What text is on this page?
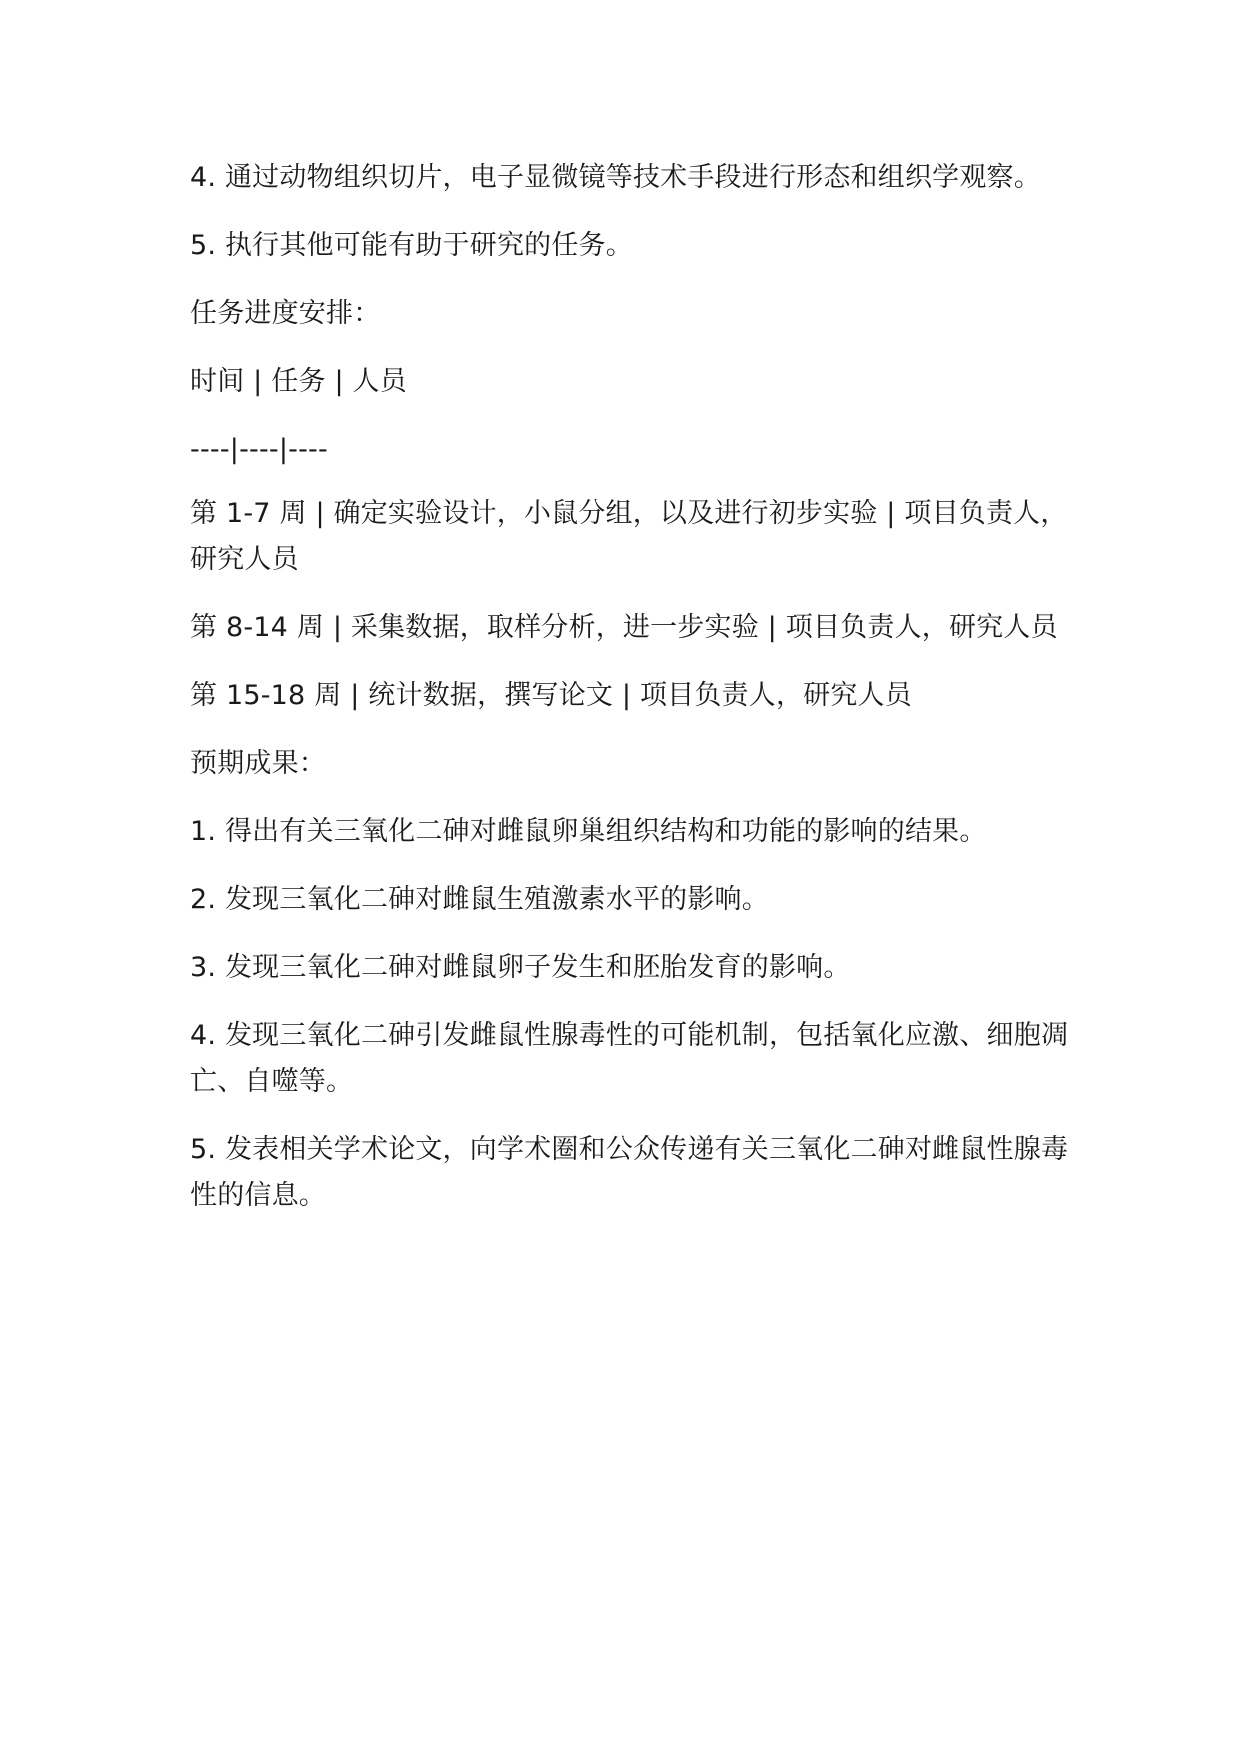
4. 通过动物组织切片，电子显微镜等技术手段进行形态和组织学观察。

5. 执行其他可能有助于研究的任务。

任务进度安排：

时间 | 任务 | 人员

----|----|----

第 1-7 周 | 确定实验设计，小鼠分组，以及进行初步实验 | 项目负责人，研究人员

第 8-14 周 | 采集数据，取样分析，进一步实验 | 项目负责人，研究人员

第 15-18 周 | 统计数据，撰写论文 | 项目负责人，研究人员

预期成果：

1. 得出有关三氧化二砷对雌鼠卵巢组织结构和功能的影响的结果。

2. 发现三氧化二砷对雌鼠生殖激素水平的影响。

3. 发现三氧化二砷对雌鼠卵子发生和胚胎发育的影响。

4. 发现三氧化二砷引发雌鼠性腺毒性的可能机制，包括氧化应激、细胞凋亡、自噬等。

5. 发表相关学术论文，向学术圈和公众传递有关三氧化二砷对雌鼠性腺毒性的信息。
